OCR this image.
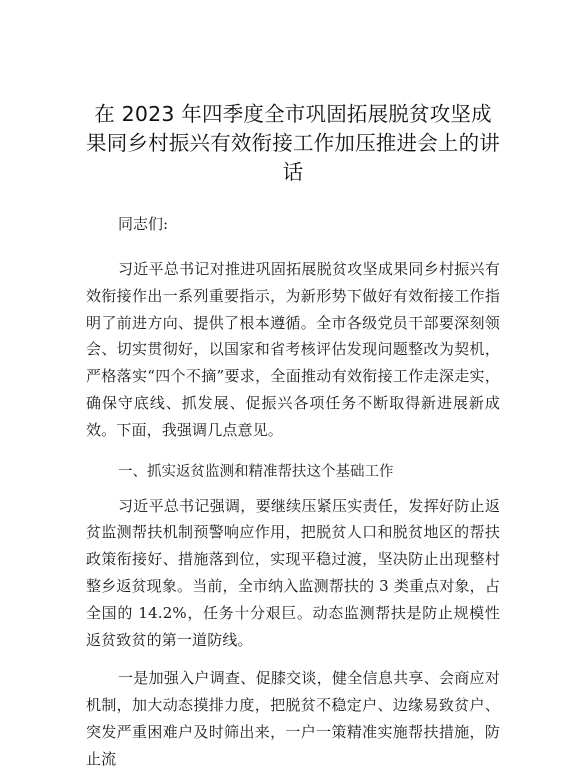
在 2023 年四季度全市巩固拓展脱贫攻坚成果同乡村振兴有效衔接工作加压推进会上的讲话

同志们:

习近平总书记对推进巩固拓展脱贫攻坚成果同乡村振兴有效衔接作出一系列重要指示，为新形势下做好有效衔接工作指明了前进方向、提供了根本遵循。全市各级党员干部要深刻领会、切实贯彻好，以国家和省考核评估发现问题整改为契机，严格落实“四个不摘”要求，全面推动有效衔接工作走深走实，确保守底线、抓发展、促振兴各项任务不断取得新进展新成效。下面，我强调几点意见。

一、抓实返贫监测和精准帮扶这个基础工作

习近平总书记强调，要继续压紧压实责任，发挥好防止返贫监测帮扶机制预警响应作用，把脱贫人口和脱贫地区的帮扶政策衔接好、措施落到位，实现平稳过渡，坚决防止出现整村整乡返贫现象。当前，全市纳入监测帮扶的 3 类重点对象，占全国的 14.2%，任务十分艰巨。动态监测帮扶是防止规模性返贫致贫的第一道防线。

一是加强入户调查、促膝交谈，健全信息共享、会商应对机制，加大动态摸排力度，把脱贫不稳定户、边缘易致贫户、突发严重困难户及时筛出来，一户一策精准实施帮扶措施，防止流
